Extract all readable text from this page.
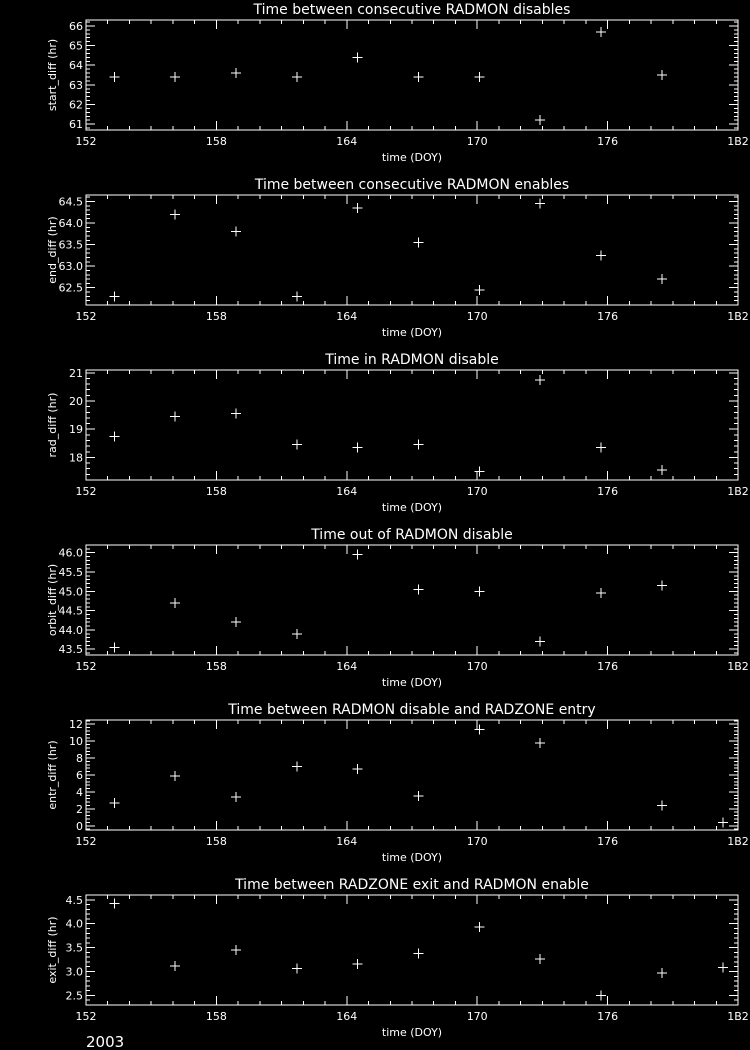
Time between consecutive RADMON disables
152	158	164	170	176	1B2
61
62
63
64
65
66
time (DOY)
start_diff (hr)
Time between consecutive RADMON enables
152	158	164	170	176	1B2
62.5
63.0
63.5
64.0
64.5
time (DOY)
end_diff (hr)
Time in RADMON disable
152	158	164	170	176	1B2
18
19
20
21
time (DOY)
rad_diff (hr)
Time out of RADMON disable
152	158	164	170	176	1B2
43.5
44.0
44.5
45.0
45.5
46.0
time (DOY)
orbit_diff (hr)
Time between RADMON disable and RADZONE entry
152	158	164	170	176	1B2
0
2
4
6
8
10
12
time (DOY)
entr_diff (hr)
Time between RADZONE exit and RADMON enable
152	158	164	170	176	1B2
2.5
3.0
3.5
4.0
4.5
time (DOY)
exit_diff (hr)
2003
